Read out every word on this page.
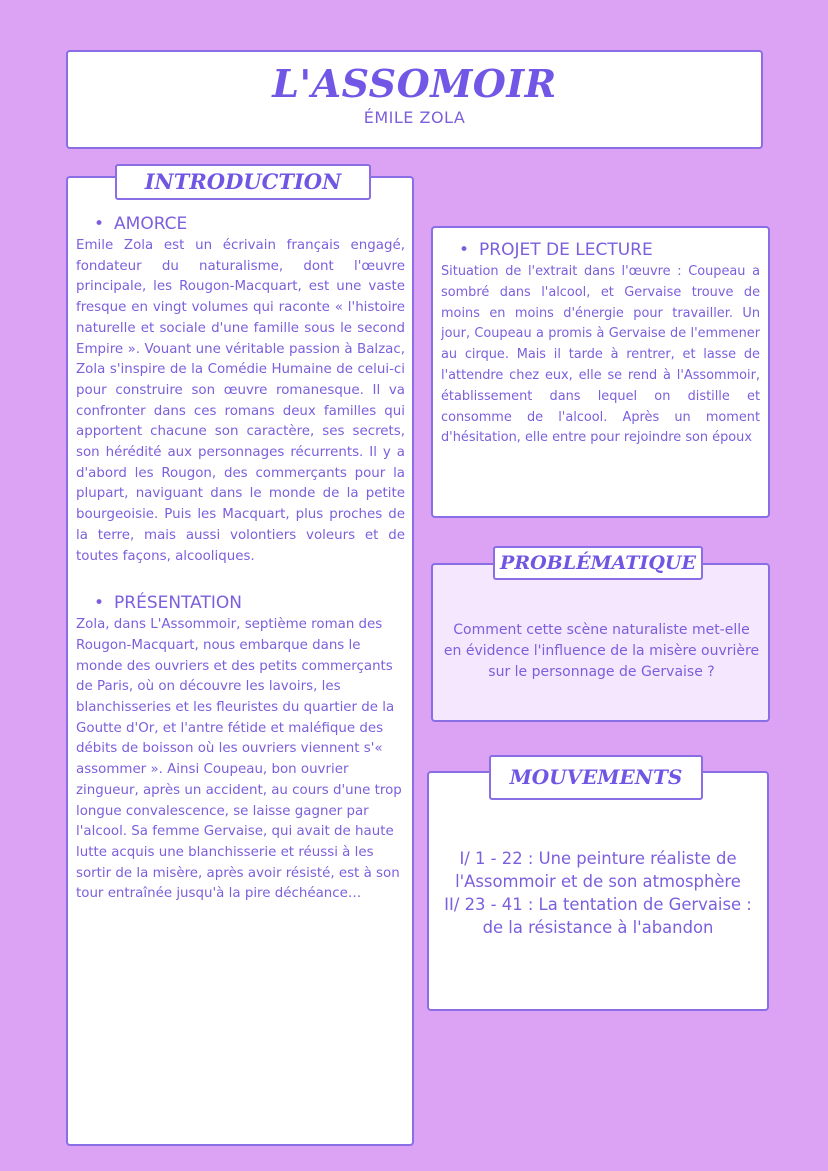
L'ASSOMOIR
ÉMILE ZOLA
• AMORCE

Emile Zola est un écrivain français engagé, fondateur du naturalisme, dont l'œuvre principale, les Rougon-Macquart, est une vaste fresque en vingt volumes qui raconte « l'histoire naturelle et sociale d'une famille sous le second Empire ». Vouant une véritable passion à Balzac, Zola s'inspire de la Comédie Humaine de celui-ci pour construire son œuvre romanesque. Il va confronter dans ces romans deux familles qui apportent chacune son caractère, ses secrets, son hérédité aux personnages récurrents. Il y a d'abord les Rougon, des commerçants pour la plupart, naviguant dans le monde de la petite bourgeoisie. Puis les Macquart, plus proches de la terre, mais aussi volontiers voleurs et de toutes façons, alcooliques.

• PRÉSENTATION

Zola, dans L'Assommoir, septième roman des Rougon-Macquart, nous embarque dans le monde des ouvriers et des petits commerçants de Paris, où on découvre les lavoirs, les blanchisseries et les fleuristes du quartier de la Goutte d'Or, et l'antre fétide et maléfique des débits de boisson où les ouvriers viennent s'« assommer ». Ainsi Coupeau, bon ouvrier zingueur, après un accident, au cours d'une trop longue convalescence, se laisse gagner par l'alcool. Sa femme Gervaise, qui avait de haute lutte acquis une blanchisserie et réussi à les sortir de la misère, après avoir résisté, est à son tour entraînée jusqu'à la pire déchéance…

INTRODUCTION
• PROJET DE LECTURE

Situation de l'extrait dans l'œuvre : Coupeau a sombré dans l'alcool, et Gervaise trouve de moins en moins d'énergie pour travailler. Un jour, Coupeau a promis à Gervaise de l'emmener au cirque. Mais il tarde à rentrer, et lasse de l'attendre chez eux, elle se rend à l'Assommoir, établissement dans lequel on distille et consomme de l'alcool. Après un moment d'hésitation, elle entre pour rejoindre son époux

Comment cette scène naturaliste met-elle en évidence l'influence de la misère ouvrière sur le personnage de Gervaise ?
PROBLÉMATIQUE
I/ 1 - 22 : Une peinture réaliste de
l'Assommoir et de son atmosphère
II/ 23 - 41 : La tentation de Gervaise :
de la résistance à l'abandon
MOUVEMENTS
